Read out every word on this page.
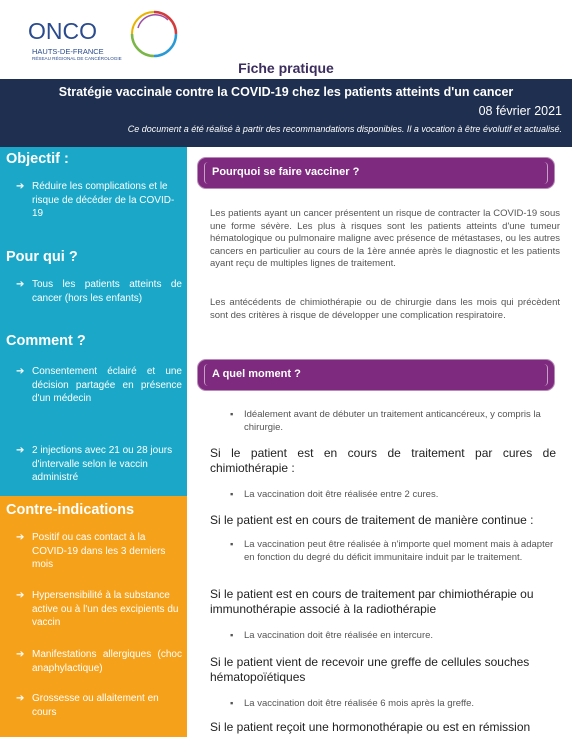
ONCO
HAUTS-DE-FRANCE
RÉSEAU RÉGIONAL DE CANCÉROLOGIE
Fiche pratique
Stratégie vaccinale contre la COVID-19 chez les patients atteints d'un cancer
08 février 2021
Ce document a été réalisé à partir des recommandations disponibles. Il a vocation à être évolutif et actualisé.
Objectif :
➔ Réduire les complications et le risque de décéder de la COVID-19
Pour qui ?
➔ Tous les patients atteints de cancer (hors les enfants)
Comment ?
➔ Consentement éclairé et une décision partagée en présence d'un médecin
➔ 2 injections avec 21 ou 28 jours d'intervalle selon le vaccin administré
Contre-indications
➔ Positif ou cas contact à la COVID-19 dans les 3 derniers mois
➔ Hypersensibilité à la substance active ou à l'un des excipients du vaccin
➔ Manifestations allergiques (choc anaphylactique)
➔ Grossesse ou allaitement en cours
Pourquoi se faire vacciner ?
Les patients ayant un cancer présentent un risque de contracter la COVID-19 sous une forme sévère. Les plus à risques sont les patients atteints d'une tumeur hématologique ou pulmonaire maligne avec présence de métastases, ou les autres cancers en particulier au cours de la 1ère année après le diagnostic et les patients ayant reçu de multiples lignes de traitement.
Les antécédents de chimiothérapie ou de chirurgie dans les mois qui précèdent sont des critères à risque de développer une complication respiratoire.
A quel moment ?
▪ Idéalement avant de débuter un traitement anticancéreux, y compris la chirurgie.
Si le patient est en cours de traitement par cures de chimiothérapie :
▪ La vaccination doit être réalisée entre 2 cures.
Si le patient est en cours de traitement de manière continue :
▪ La vaccination peut être réalisée à n'importe quel moment mais à adapter en fonction du degré du déficit immunitaire induit par le traitement.
Si le patient est en cours de traitement par chimiothérapie ou immunothérapie associé à la radiothérapie
▪ La vaccination doit être réalisée en intercure.
Si le patient vient de recevoir une greffe de cellules souches hématopoïétiques
▪ La vaccination doit être réalisée 6 mois après la greffe.
Si le patient reçoit une hormonothérapie ou est en rémission
